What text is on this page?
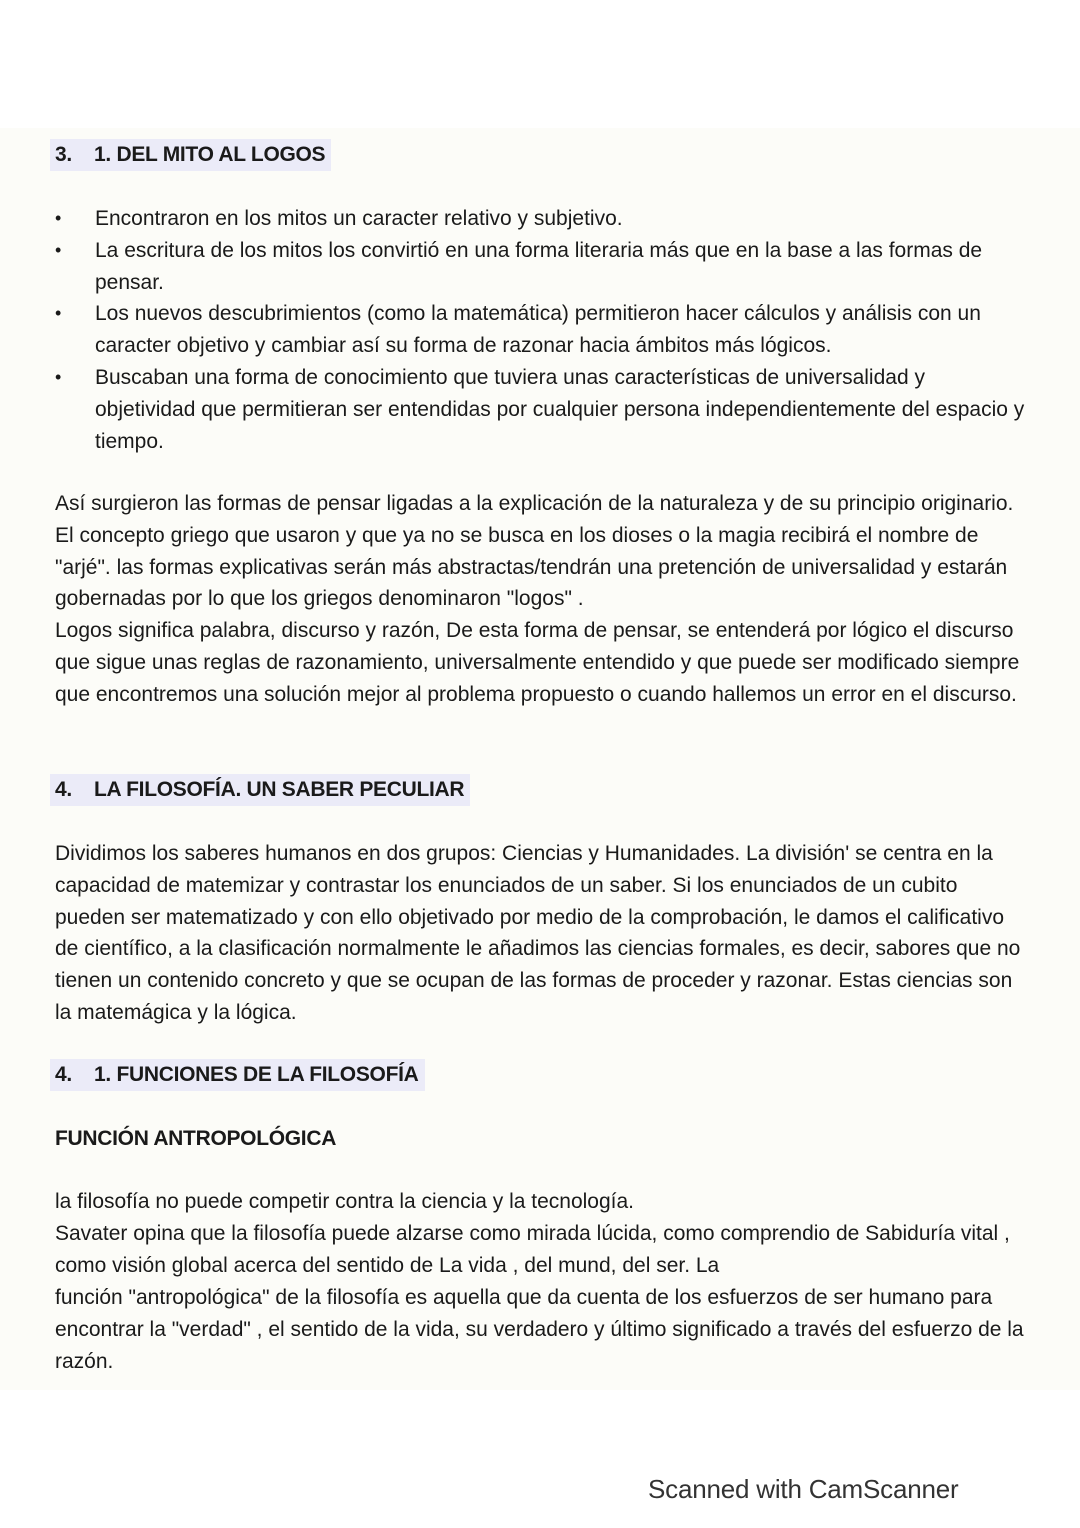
3. 1. DEL MITO AL LOGOS
• Encontraron en los mitos un caracter relativo y subjetivo.
• La escritura de los mitos los convirtió en una forma literaria más que en la base a las formas de pensar.
• Los nuevos descubrimientos (como la matemática) permitieron hacer cálculos y análisis con un caracter objetivo y cambiar así su forma de razonar hacia ámbitos más lógicos.
• Buscaban una forma de conocimiento que tuviera unas características de universalidad y objetividad que permitieran ser entendidas por cualquier persona independientemente del espacio y tiempo.

Así surgieron las formas de pensar ligadas a la explicación de la naturaleza y de su principio originario. El concepto griego que usaron y que ya no se busca en los dioses o la magia recibirá el nombre de "arjé". las formas explicativas serán más abstractas/tendrán una pretención de universalidad y estarán gobernadas por lo que los griegos denominaron "logos" .

Logos significa palabra, discurso y razón, De esta forma de pensar, se entenderá por lógico el discurso que sigue unas reglas de razonamiento, universalmente entendido y que puede ser modificado siempre que encontremos una solución mejor al problema propuesto o cuando hallemos un error en el discurso.

4. LA FILOSOFÍA. UN SABER PECULIAR

Dividimos los saberes humanos en dos grupos: Ciencias y Humanidades. La división' se centra en la capacidad de matemizar y contrastar los enunciados de un saber. Si los enunciados de un cubito pueden ser matematizado y con ello objetivado por medio de la comprobación, le damos el calificativo de científico, a la clasificación normalmente le añadimos las ciencias formales, es decir, sabores que no tienen un contenido concreto y que se ocupan de las formas de proceder y razonar. Estas ciencias son la matemágica y la lógica.

4. 1. FUNCIONES DE LA FILOSOFÍA
FUNCIÓN ANTROPOLÓGICA

la filosofía no puede competir contra la ciencia y la tecnología.

Savater opina que la filosofía puede alzarse como mirada lúcida, como comprendio de Sabiduría vital , como visión global acerca del sentido de La vida , del mund, del ser. La

función "antropológica" de la filosofía es aquella que da cuenta de los esfuerzos de ser humano para encontrar la "verdad" , el sentido de la vida, su verdadero y último significado a través del esfuerzo de la razón.

Scanned with CamScanner
